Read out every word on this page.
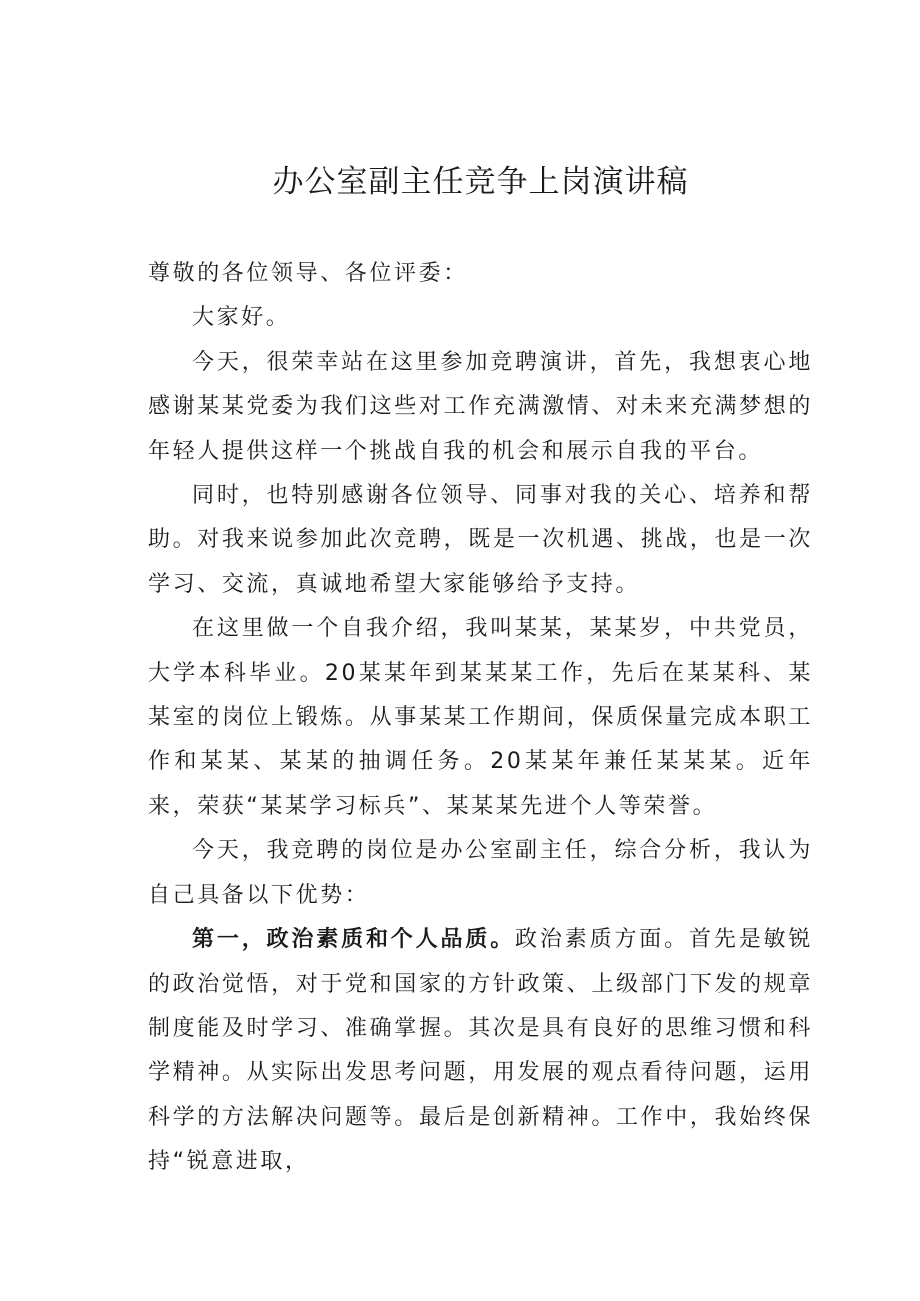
办公室副主任竞争上岗演讲稿

尊敬的各位领导、各位评委：

大家好。

今天，很荣幸站在这里参加竞聘演讲，首先，我想衷心地感谢某某党委为我们这些对工作充满激情、对未来充满梦想的年轻人提供这样一个挑战自我的机会和展示自我的平台。

同时，也特别感谢各位领导、同事对我的关心、培养和帮助。对我来说参加此次竞聘，既是一次机遇、挑战，也是一次学习、交流，真诚地希望大家能够给予支持。

在这里做一个自我介绍，我叫某某，某某岁，中共党员，大学本科毕业。20某某年到某某某工作，先后在某某科、某某室的岗位上锻炼。从事某某工作期间，保质保量完成本职工作和某某、某某的抽调任务。20某某年兼任某某某。近年来，荣获“某某学习标兵”、某某某先进个人等荣誉。

今天，我竞聘的岗位是办公室副主任，综合分析，我认为自己具备以下优势：

第一，政治素质和个人品质。政治素质方面。首先是敏锐的政治觉悟，对于党和国家的方针政策、上级部门下发的规章制度能及时学习、准确掌握。其次是具有良好的思维习惯和科学精神。从实际出发思考问题，用发展的观点看待问题，运用科学的方法解决问题等。最后是创新精神。工作中，我始终保持“锐意进取，
